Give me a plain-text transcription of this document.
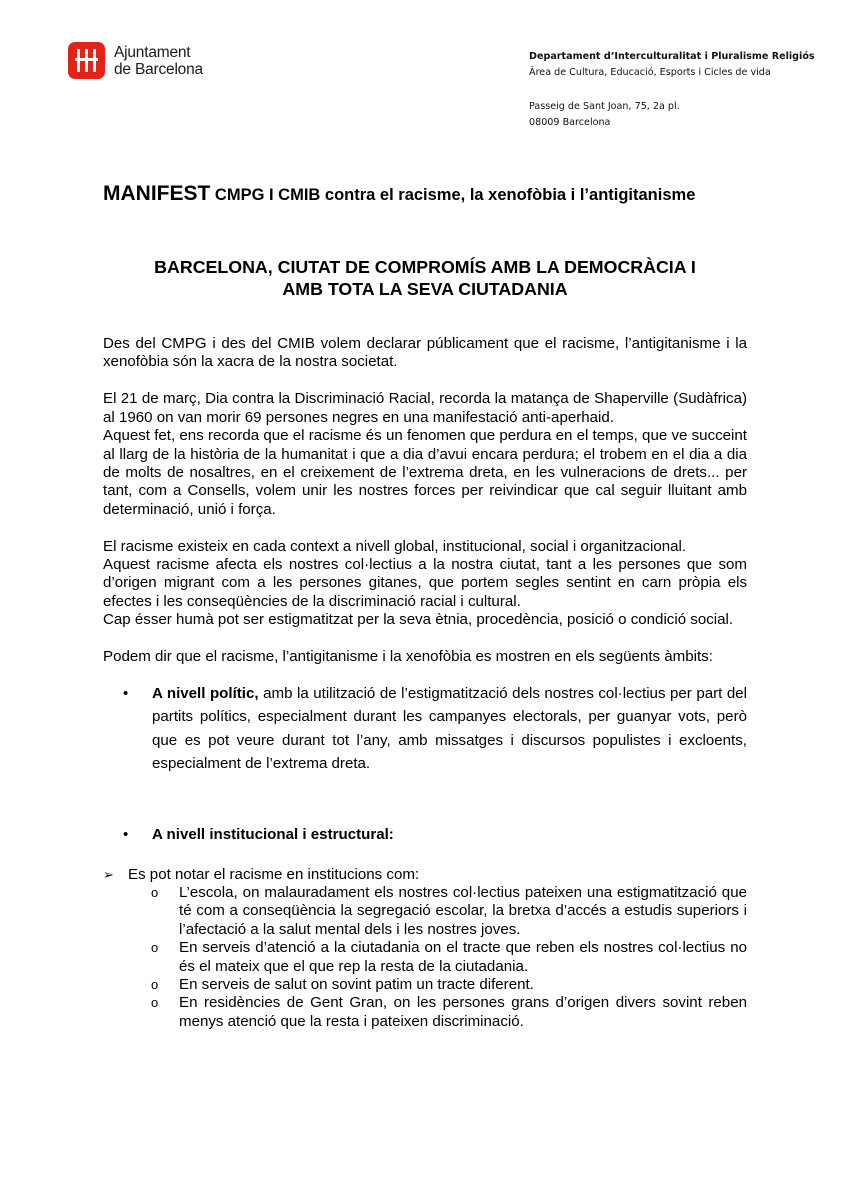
Ajuntament
de Barcelona
Departament d’Interculturalitat i Pluralisme Religiós
Àrea de Cultura, Educació, Esports i Cicles de vida
Passeig de Sant Joan, 75, 2a pl.
08009 Barcelona
MANIFEST CMPG I CMIB contra el racisme, la xenofòbia i l’antigitanisme
BARCELONA, CIUTAT DE COMPROMÍS AMB LA DEMOCRÀCIA I
AMB TOTA LA SEVA CIUTADANIA

Des del CMPG i des del CMIB volem declarar públicament que el racisme, l’antigitanisme i la xenofòbia són la xacra de la nostra societat.

El 21 de març, Dia contra la Discriminació Racial, recorda la matança de Shaperville (Sudàfrica) al 1960 on van morir 69 persones negres en una manifestació anti-aperhaid.

Aquest fet, ens recorda que el racisme és un fenomen que perdura en el temps, que ve succeint al llarg de la història de la humanitat i que a dia d’avui encara perdura; el trobem en el dia a dia de molts de nosaltres, en el creixement de l’extrema dreta, en les vulneracions de drets... per tant, com a Consells, volem unir les nostres forces per reivindicar que cal seguir lluitant amb determinació, unió i força.

El racisme existeix en cada context a nivell global, institucional, social i organitzacional.

Aquest racisme afecta els nostres col·lectius a la nostra ciutat, tant a les persones que som d’origen migrant com a les persones gitanes, que portem segles sentint en carn pròpia els efectes i les conseqüències de la discriminació racial i cultural.

Cap ésser humà pot ser estigmatitzat per la seva ètnia, procedència, posició o condició social.

Podem dir que el racisme, l’antigitanisme i la xenofòbia es mostren en els següents àmbits:

• A nivell polític, amb la utilització de l’estigmatització dels nostres col·lectius per part del partits polítics, especialment durant les campanyes electorals, per guanyar vots, però que es pot veure durant tot l’any, amb missatges i discursos populistes i excloents, especialment de l’extrema dreta.
• A nivell institucional i estructural:
➢ Es pot notar el racisme en institucions com:
o L’escola, on malauradament els nostres col·lectius pateixen una estigmatització que té com a conseqüència la segregació escolar, la bretxa d’accés a estudis superiors i l’afectació a la salut mental dels i les nostres joves.
o En serveis d’atenció a la ciutadania on el tracte que reben els nostres col·lectius no és el mateix que el que rep la resta de la ciutadania.
o En serveis de salut on sovint patim un tracte diferent.
o En residències de Gent Gran, on les persones grans d’origen divers sovint reben menys atenció que la resta i pateixen discriminació.
